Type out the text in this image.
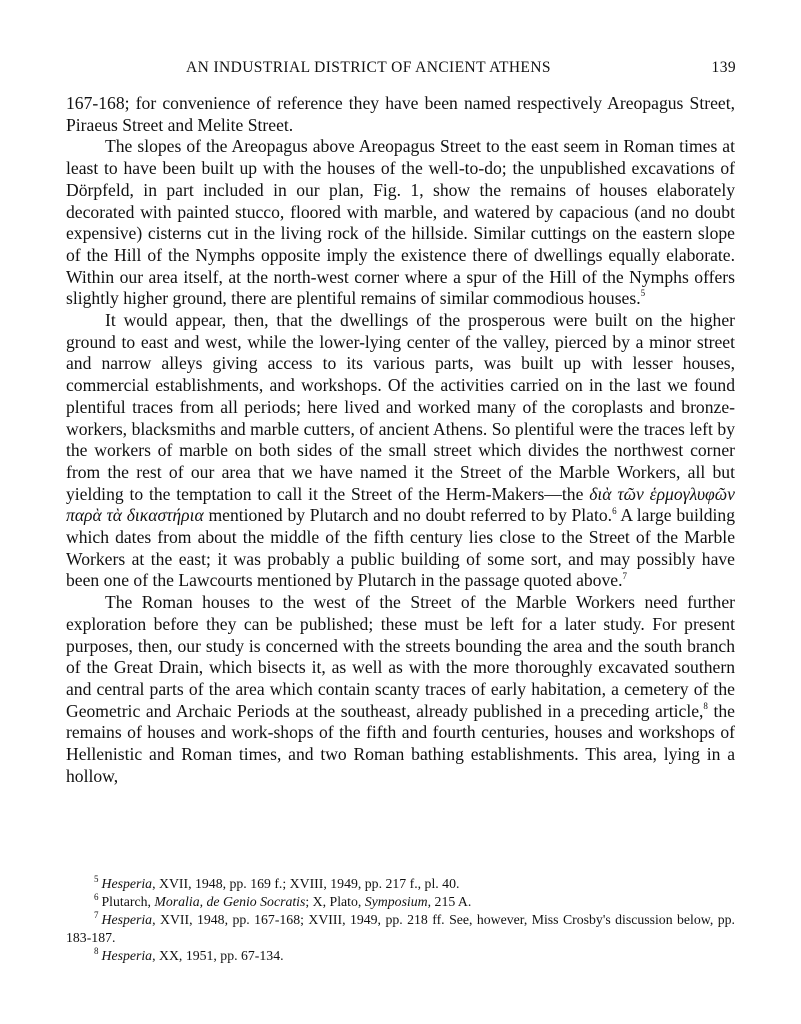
AN INDUSTRIAL DISTRICT OF ANCIENT ATHENS	139

167-168; for convenience of reference they have been named respectively Areopagus Street, Piraeus Street and Melite Street.

The slopes of the Areopagus above Areopagus Street to the east seem in Roman times at least to have been built up with the houses of the well-to-do; the unpublished excavations of Dörpfeld, in part included in our plan, Fig. 1, show the remains of houses elaborately decorated with painted stucco, floored with marble, and watered by capacious (and no doubt expensive) cisterns cut in the living rock of the hillside. Similar cuttings on the eastern slope of the Hill of the Nymphs opposite imply the existence there of dwellings equally elaborate. Within our area itself, at the north-west corner where a spur of the Hill of the Nymphs offers slightly higher ground, there are plentiful remains of similar commodious houses.$^5$

It would appear, then, that the dwellings of the prosperous were built on the higher ground to east and west, while the lower-lying center of the valley, pierced by a minor street and narrow alleys giving access to its various parts, was built up with lesser houses, commercial establishments, and workshops. Of the activities carried on in the last we found plentiful traces from all periods; here lived and worked many of the coroplasts and bronze-workers, blacksmiths and marble cutters, of ancient Athens. So plentiful were the traces left by the workers of marble on both sides of the small street which divides the northwest corner from the rest of our area that we have named it the Street of the Marble Workers, all but yielding to the temptation to call it the Street of the Herm-Makers—the διὰ τῶν ἑρμογλυφῶν παρὰ τὰ δικαστήρια mentioned by Plutarch and no doubt referred to by Plato.$^6$ A large building which dates from about the middle of the fifth century lies close to the Street of the Marble Workers at the east; it was probably a public building of some sort, and may possibly have been one of the Lawcourts mentioned by Plutarch in the passage quoted above.$^7$

The Roman houses to the west of the Street of the Marble Workers need further exploration before they can be published; these must be left for a later study. For present purposes, then, our study is concerned with the streets bounding the area and the south branch of the Great Drain, which bisects it, as well as with the more thoroughly excavated southern and central parts of the area which contain scanty traces of early habitation, a cemetery of the Geometric and Archaic Periods at the southeast, already published in a preceding article,$^8$ the remains of houses and work-shops of the fifth and fourth centuries, houses and workshops of Hellenistic and Roman times, and two Roman bathing establishments. This area, lying in a hollow,

$^5$ Hesperia, XVII, 1948, pp. 169 f.; XVIII, 1949, pp. 217 f., pl. 40.
$^6$ Plutarch, Moralia, de Genio Socratis; X, Plato, Symposium, 215 A.
$^7$ Hesperia, XVII, 1948, pp. 167-168; XVIII, 1949, pp. 218 ff. See, however, Miss Crosby's discussion below, pp. 183-187.
$^8$ Hesperia, XX, 1951, pp. 67-134.
